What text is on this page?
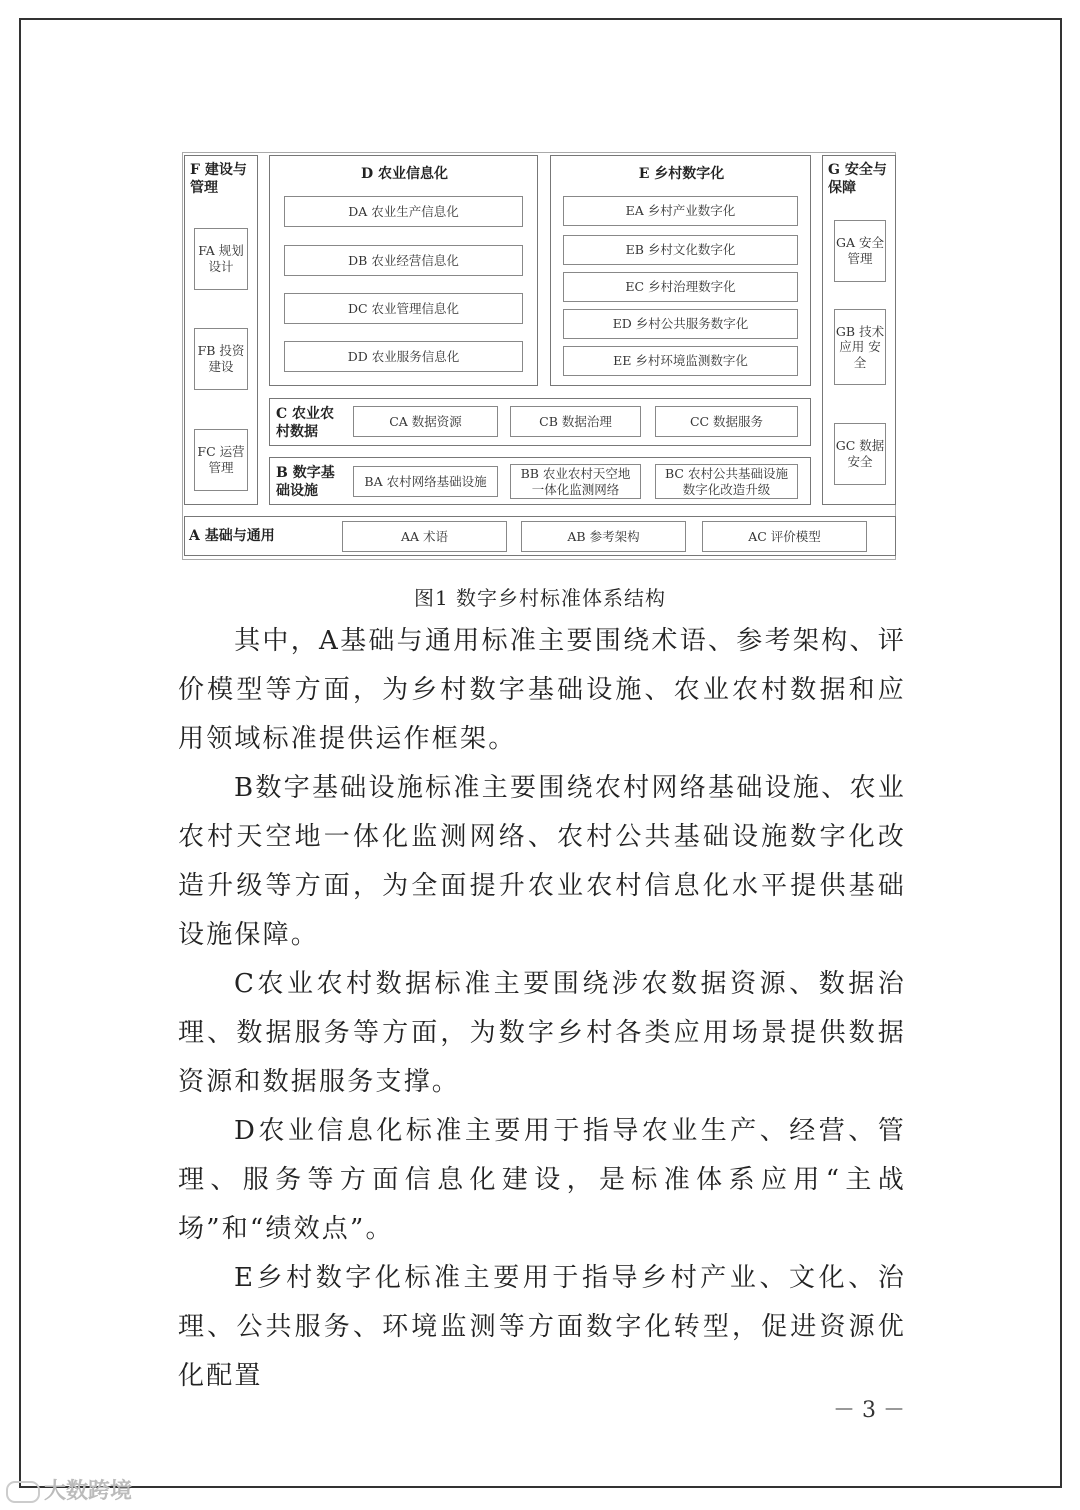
F 建设与管理
FA 规划 设计
FB 投资 建设
FC 运营 管理
D 农业信息化
DA 农业生产信息化
DB 农业经营信息化
DC 农业管理信息化
DD 农业服务信息化
E 乡村数字化
EA 乡村产业数字化
EB 乡村文化数字化
EC 乡村治理数字化
ED 乡村公共服务数字化
EE 乡村环境监测数字化
G 安全与保障
GA 安全 管理
GB 技术 应用 安全
GC 数据 安全
C 农业农村数据
CA 数据资源	CB 数据治理	CC 数据服务
B 数字基础设施
BA 农村网络基础设施
BB 农业农村天空地一体化监测网络
BC 农村公共基础设施数字化改造升级
A 基础与通用	AA 术语	AB 参考架构	AC 评价模型
图1 数字乡村标准体系结构
其中，A基础与通用标准主要围绕术语、参考架构、评价模型等方面，为乡村数字基础设施、农业农村数据和应用领域标准提供运作框架。
B数字基础设施标准主要围绕农村网络基础设施、农业农村天空地一体化监测网络、农村公共基础设施数字化改造升级等方面，为全面提升农业农村信息化水平提供基础设施保障。
C农业农村数据标准主要围绕涉农数据资源、数据治理、数据服务等方面，为数字乡村各类应用场景提供数据资源和数据服务支撑。
D农业信息化标准主要用于指导农业生产、经营、管理、服务等方面信息化建设，是标准体系应用“主战场”和“绩效点”。
E乡村数字化标准主要用于指导乡村产业、文化、治理、公共服务、环境监测等方面数字化转型，促进资源优化配置
－ 3 －
大数跨境
